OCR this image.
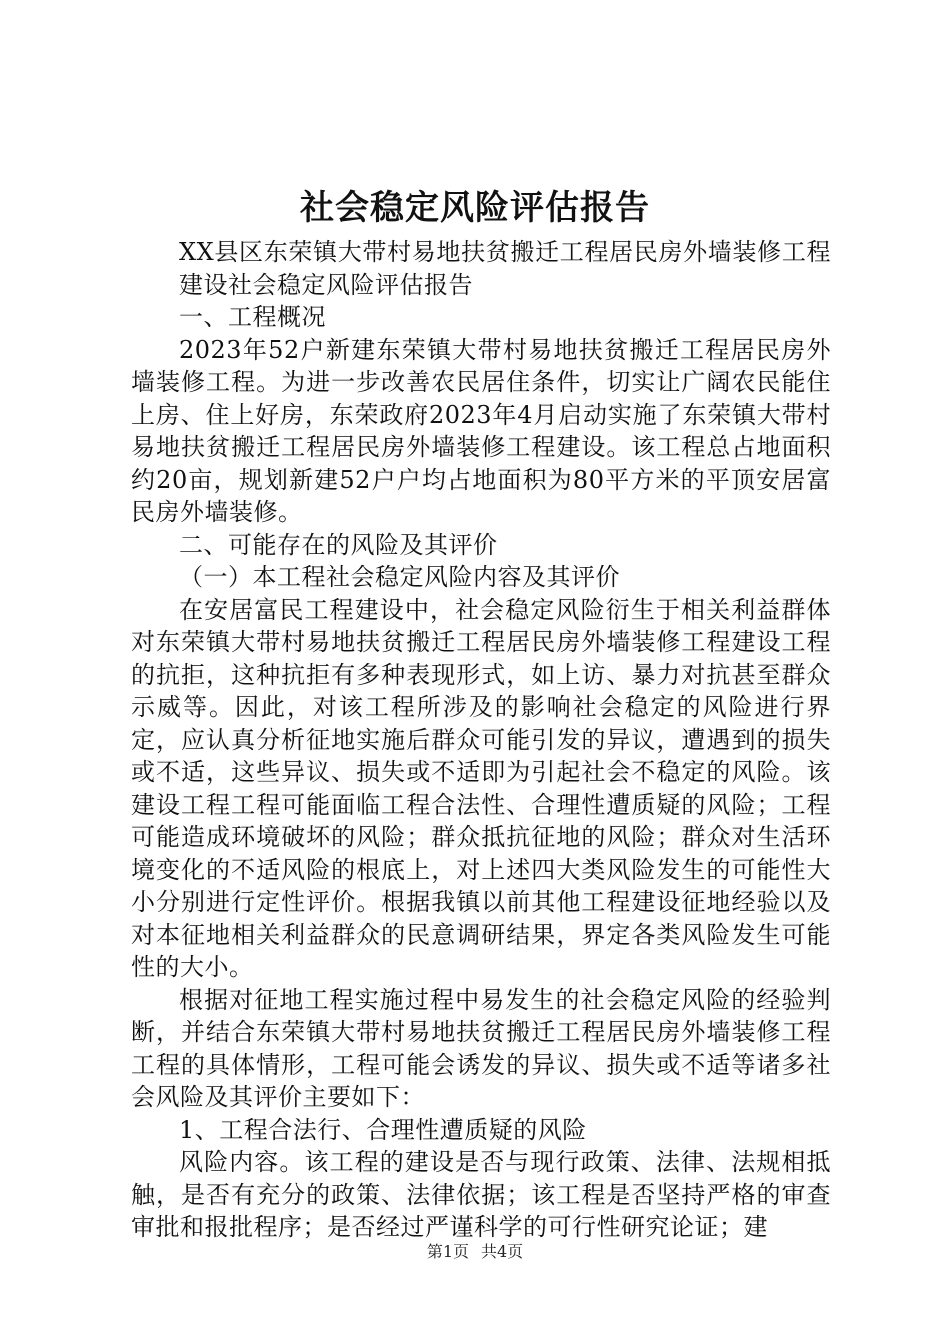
社会稳定风险评估报告

XX县区东荣镇大带村易地扶贫搬迁工程居民房外墙装修工程建设社会稳定风险评估报告

一、工程概况

2023年52户新建东荣镇大带村易地扶贫搬迁工程居民房外墙装修工程。为进一步改善农民居住条件，切实让广阔农民能住上房、住上好房，东荣政府2023年4月启动实施了东荣镇大带村易地扶贫搬迁工程居民房外墙装修工程建设。该工程总占地面积约20亩，规划新建52户户均占地面积为80平方米的平顶安居富民房外墙装修。

二、可能存在的风险及其评价

（一）本工程社会稳定风险内容及其评价

在安居富民工程建设中，社会稳定风险衍生于相关利益群体对东荣镇大带村易地扶贫搬迁工程居民房外墙装修工程建设工程的抗拒，这种抗拒有多种表现形式，如上访、暴力对抗甚至群众示威等。因此，对该工程所涉及的影响社会稳定的风险进行界定，应认真分析征地实施后群众可能引发的异议，遭遇到的损失或不适，这些异议、损失或不适即为引起社会不稳定的风险。该建设工程工程可能面临工程合法性、合理性遭质疑的风险；工程可能造成环境破坏的风险；群众抵抗征地的风险；群众对生活环境变化的不适风险的根底上，对上述四大类风险发生的可能性大小分别进行定性评价。根据我镇以前其他工程建设征地经验以及对本征地相关利益群众的民意调研结果，界定各类风险发生可能性的大小。

根据对征地工程实施过程中易发生的社会稳定风险的经验判断，并结合东荣镇大带村易地扶贫搬迁工程居民房外墙装修工程工程的具体情形，工程可能会诱发的异议、损失或不适等诸多社会风险及其评价主要如下：

1、工程合法行、合理性遭质疑的风险

风险内容。该工程的建设是否与现行政策、法律、法规相抵触，是否有充分的政策、法律依据；该工程是否坚持严格的审查审批和报批程序；是否经过严谨科学的可行性研究论证；建

第1页 共4页
